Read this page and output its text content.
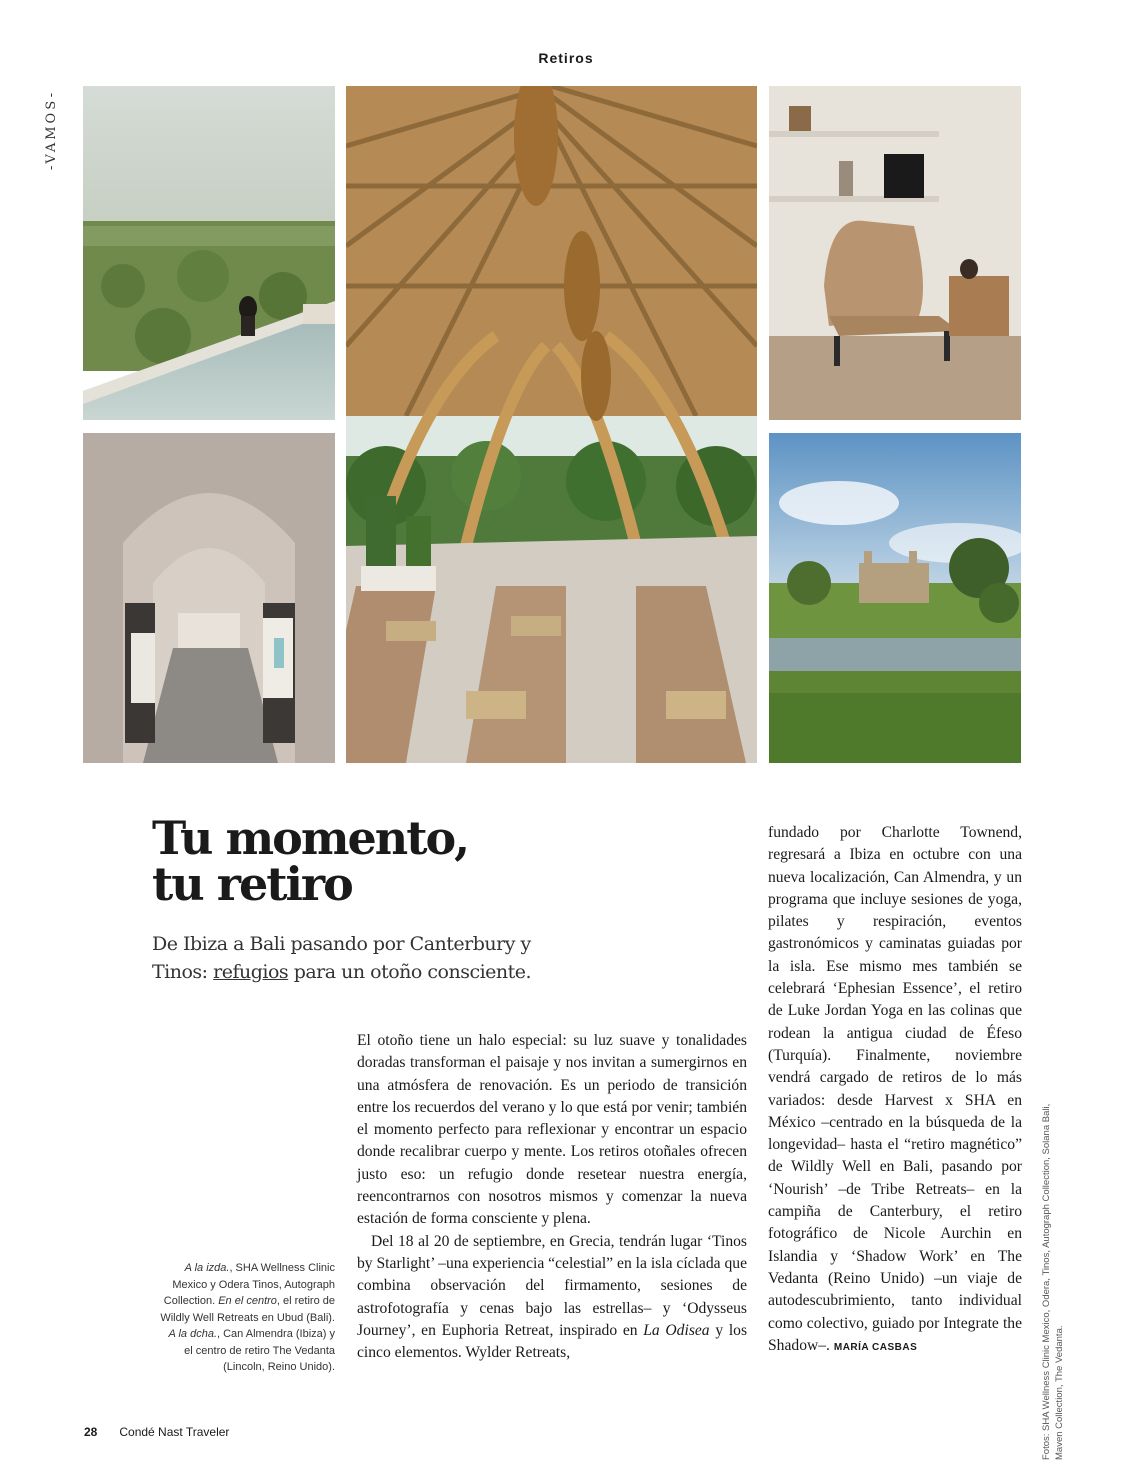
Retiros
-VAMOS-
Tu momento,
tu retiro
De Ibiza a Bali pasando por Canterbury y Tinos: refugios para un otoño consciente.

El otoño tiene un halo especial: su luz suave y tonalidades doradas transforman el paisaje y nos invitan a sumergirnos en una atmósfera de renovación. Es un periodo de transición entre los recuerdos del verano y lo que está por venir; también el momento perfecto para reflexionar y encontrar un espacio donde recalibrar cuerpo y mente. Los retiros otoñales ofrecen justo eso: un refugio donde resetear nuestra energía, reencontrarnos con nosotros mismos y comenzar la nueva estación de forma consciente y plena.

Del 18 al 20 de septiembre, en Grecia, tendrán lugar ‘Tinos by Starlight’ –una experiencia “celestial” en la isla cíclada que combina observación del firmamento, sesiones de astrofotografía y cenas bajo las estrellas– y ‘Odysseus Journey’, en Euphoria Retreat, inspirado en La Odisea y los cinco elementos. Wylder Retreats,

fundado por Charlotte Townend, regresará a Ibiza en octubre con una nueva localización, Can Almendra, y un programa que incluye sesiones de yoga, pilates y respiración, eventos gastronómicos y caminatas guiadas por la isla. Ese mismo mes también se celebrará ‘Ephesian Essence’, el retiro de Luke Jordan Yoga en las colinas que rodean la antigua ciudad de Éfeso (Turquía). Finalmente, noviembre vendrá cargado de retiros de lo más variados: desde Harvest x SHA en México –centrado en la búsqueda de la longevidad– hasta el “retiro magnético” de Wildly Well en Bali, pasando por ‘Nourish’ –de Tribe Retreats– en la campiña de Canterbury, el retiro fotográfico de Nicole Aurchin en Islandia y ‘Shadow Work’ en The Vedanta (Reino Unido) –un viaje de autodescubrimiento, tanto individual como colectivo, guiado por Integrate the Shadow–. MARÍA CASBAS

A la izda., SHA Wellness Clinic Mexico y Odera Tinos, Autograph Collection. En el centro, el retiro de Wildly Well Retreats en Ubud (Bali). A la dcha., Can Almendra (Ibiza) y el centro de retiro The Vedanta (Lincoln, Reino Unido).	Fotos: SHA Wellness Clinic Mexico, Odera, Tinos, Autograph Collection, Solana Bali, Maven Collection, The Vedanta.
28 Condé Nast Traveler
